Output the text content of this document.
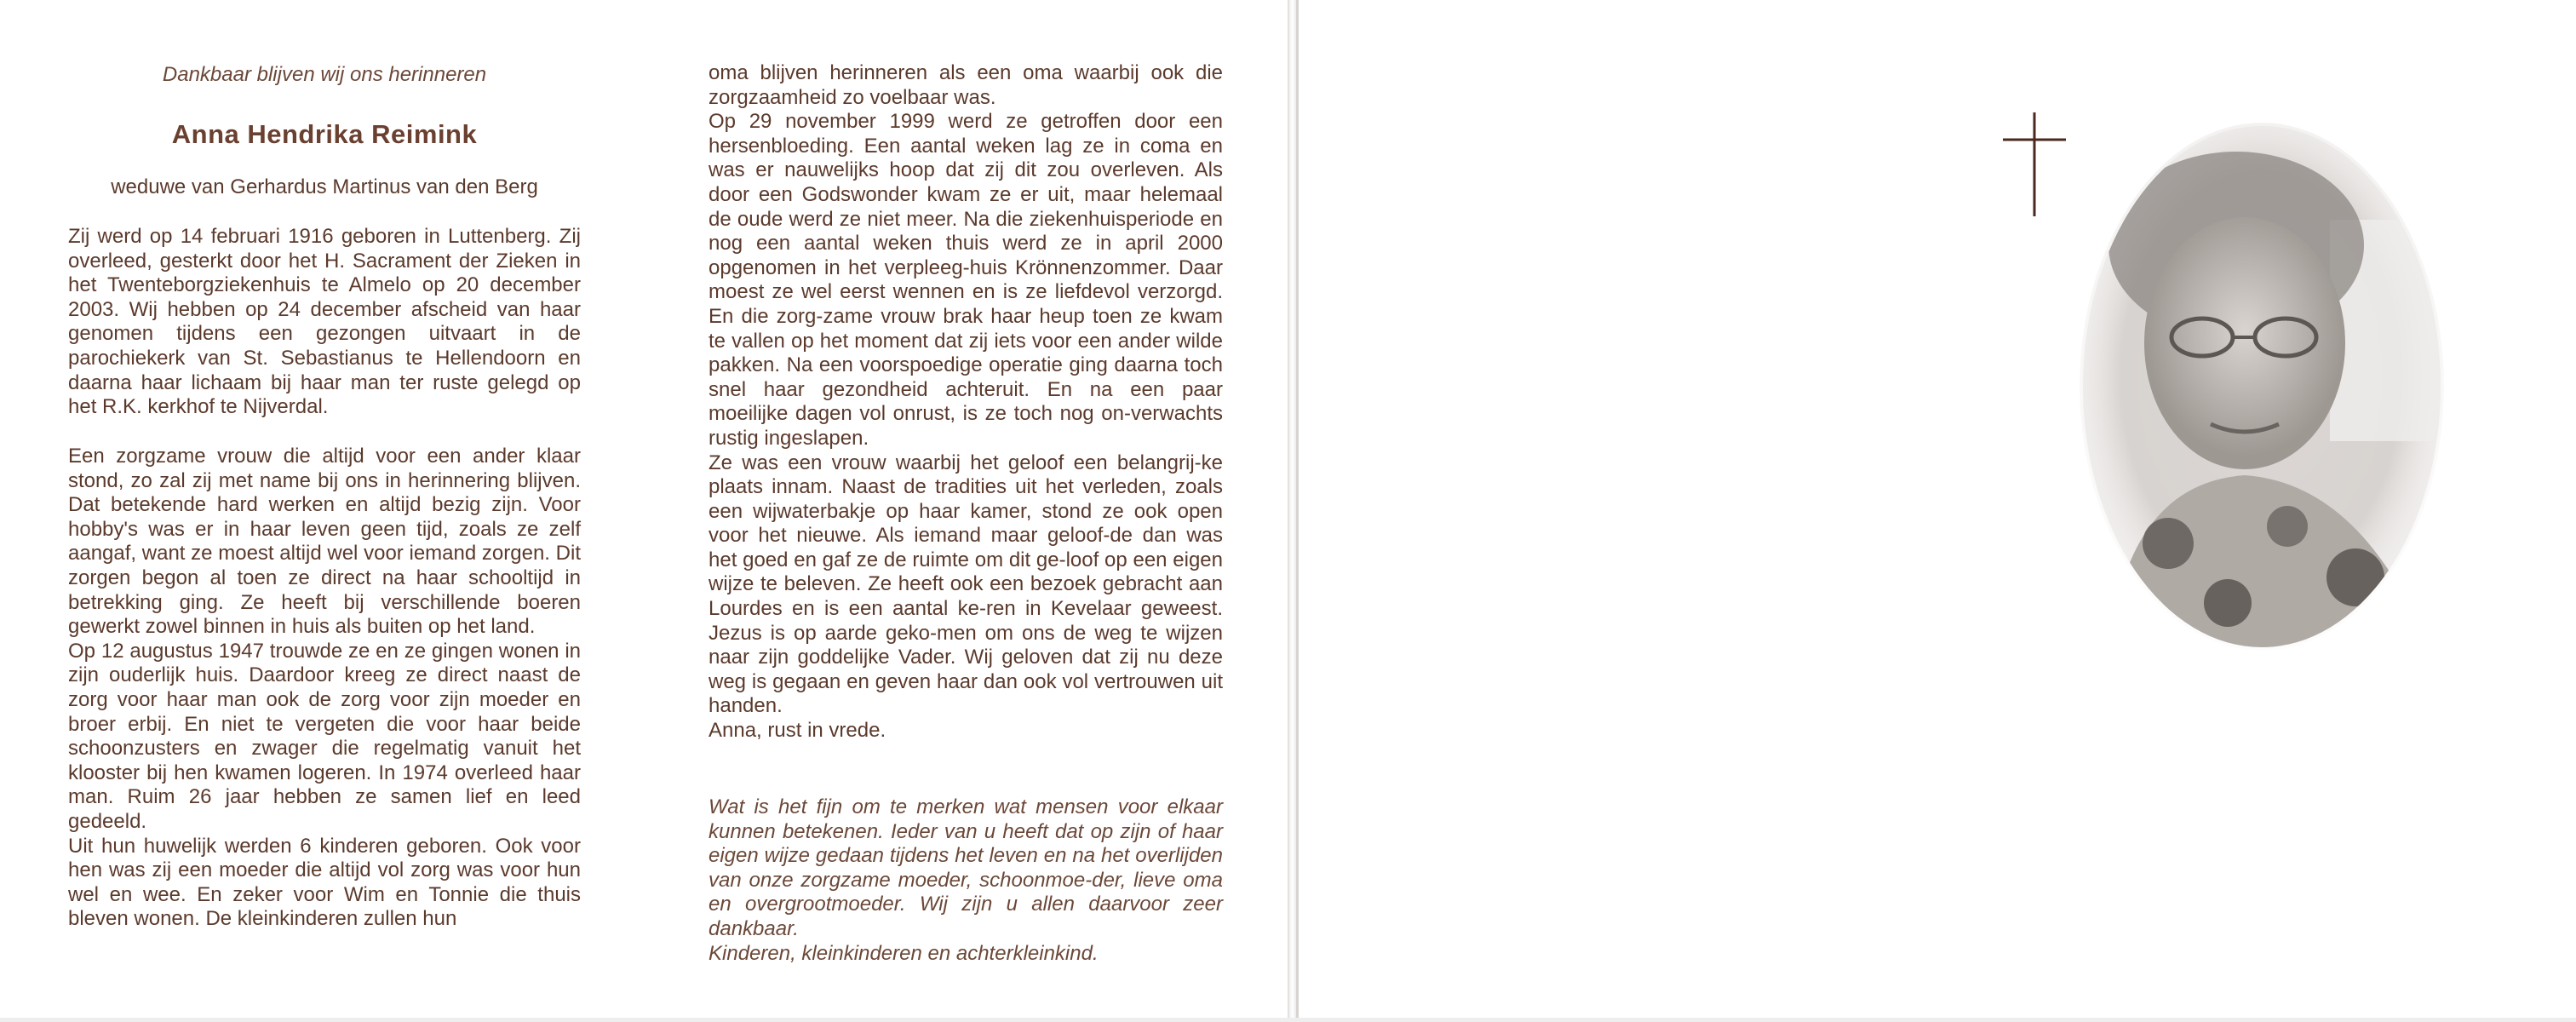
Dankbaar blijven wij ons herinneren
Anna Hendrika Reimink
weduwe van Gerhardus Martinus van den Berg

Zij werd op 14 februari 1916 geboren in Luttenberg. Zij overleed, gesterkt door het H. Sacrament der Zieken in het Twenteborgziekenhuis te Almelo op 20 december 2003. Wij hebben op 24 december afscheid van haar genomen tijdens een gezongen uitvaart in de parochiekerk van St. Sebastianus te Hellendoorn en daarna haar lichaam bij haar man ter ruste gelegd op het R.K. kerkhof te Nijverdal.

Een zorgzame vrouw die altijd voor een ander klaar stond, zo zal zij met name bij ons in herinnering blijven. Dat betekende hard werken en altijd bezig zijn. Voor hobby's was er in haar leven geen tijd, zoals ze zelf aangaf, want ze moest altijd wel voor iemand zorgen. Dit zorgen begon al toen ze direct na haar schooltijd in betrekking ging. Ze heeft bij verschillende boeren gewerkt zowel binnen in huis als buiten op het land.

Op 12 augustus 1947 trouwde ze en ze gingen wonen in zijn ouderlijk huis. Daardoor kreeg ze direct naast de zorg voor haar man ook de zorg voor zijn moeder en broer erbij. En niet te vergeten die voor haar beide schoonzusters en zwager die regelmatig vanuit het klooster bij hen kwamen logeren. In 1974 overleed haar man. Ruim 26 jaar hebben ze samen lief en leed gedeeld.

Uit hun huwelijk werden 6 kinderen geboren. Ook voor hen was zij een moeder die altijd vol zorg was voor hun wel en wee. En zeker voor Wim en Tonnie die thuis bleven wonen. De kleinkinderen zullen hun

oma blijven herinneren als een oma waarbij ook die zorgzaamheid zo voelbaar was.

Op 29 november 1999 werd ze getroffen door een hersenbloeding. Een aantal weken lag ze in coma en was er nauwelijks hoop dat zij dit zou overleven. Als door een Godswonder kwam ze er uit, maar helemaal de oude werd ze niet meer. Na die ziekenhuisperiode en nog een aantal weken thuis werd ze in april 2000 opgenomen in het verpleeg-huis Krönnenzommer. Daar moest ze wel eerst wennen en is ze liefdevol verzorgd. En die zorg-zame vrouw brak haar heup toen ze kwam te vallen op het moment dat zij iets voor een ander wilde pakken. Na een voorspoedige operatie ging daarna toch snel haar gezondheid achteruit. En na een paar moeilijke dagen vol onrust, is ze toch nog on-verwachts rustig ingeslapen.

Ze was een vrouw waarbij het geloof een belangrij-ke plaats innam. Naast de tradities uit het verleden, zoals een wijwaterbakje op haar kamer, stond ze ook open voor het nieuwe. Als iemand maar geloof-de dan was het goed en gaf ze de ruimte om dit ge-loof op een eigen wijze te beleven. Ze heeft ook een bezoek gebracht aan Lourdes en is een aantal ke-ren in Kevelaar geweest. Jezus is op aarde geko-men om ons de weg te wijzen naar zijn goddelijke Vader. Wij geloven dat zij nu deze weg is gegaan en geven haar dan ook vol vertrouwen uit handen.

Anna, rust in vrede.

Wat is het fijn om te merken wat mensen voor elkaar kunnen betekenen. Ieder van u heeft dat op zijn of haar eigen wijze gedaan tijdens het leven en na het overlijden van onze zorgzame moeder, schoonmoe-der, lieve oma en overgrootmoeder. Wij zijn u allen daarvoor zeer dankbaar.

Kinderen, kleinkinderen en achterkleinkind.
